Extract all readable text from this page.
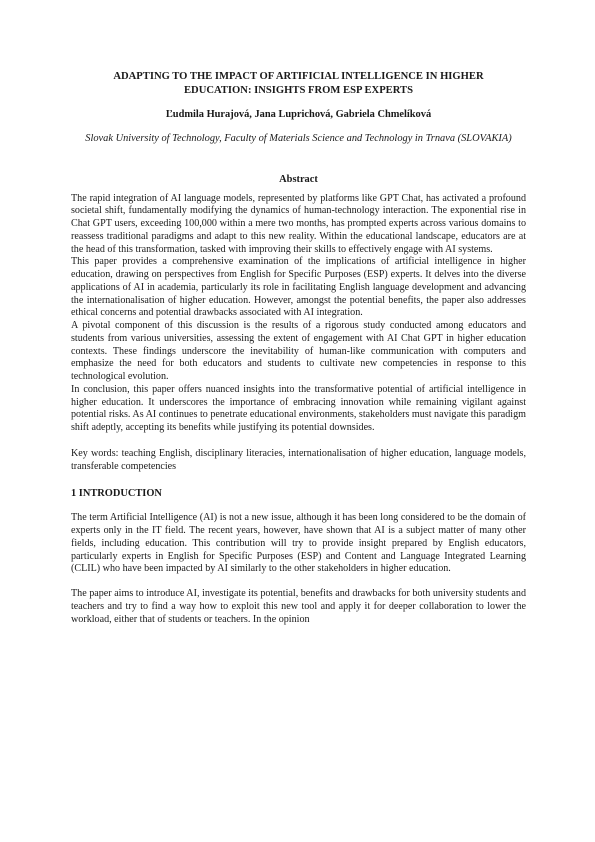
ADAPTING TO THE IMPACT OF ARTIFICIAL INTELLIGENCE IN HIGHER EDUCATION: INSIGHTS FROM ESP EXPERTS
Ľudmila Hurajová, Jana Luprichová, Gabriela Chmelíková
Slovak University of Technology, Faculty of Materials Science and Technology in Trnava (SLOVAKIA)
Abstract

The rapid integration of AI language models, represented by platforms like GPT Chat, has activated a profound societal shift, fundamentally modifying the dynamics of human-technology interaction. The exponential rise in Chat GPT users, exceeding 100,000 within a mere two months, has prompted experts across various domains to reassess traditional paradigms and adapt to this new reality. Within the educational landscape, educators are at the head of this transformation, tasked with improving their skills to effectively engage with AI systems.

This paper provides a comprehensive examination of the implications of artificial intelligence in higher education, drawing on perspectives from English for Specific Purposes (ESP) experts. It delves into the diverse applications of AI in academia, particularly its role in facilitating English language development and advancing the internationalisation of higher education. However, amongst the potential benefits, the paper also addresses ethical concerns and potential drawbacks associated with AI integration.

A pivotal component of this discussion is the results of a rigorous study conducted among educators and students from various universities, assessing the extent of engagement with AI Chat GPT in higher education contexts. These findings underscore the inevitability of human-like communication with computers and emphasize the need for both educators and students to cultivate new competencies in response to this technological evolution.

In conclusion, this paper offers nuanced insights into the transformative potential of artificial intelligence in higher education. It underscores the importance of embracing innovation while remaining vigilant against potential risks. As AI continues to penetrate educational environments, stakeholders must navigate this paradigm shift adeptly, accepting its benefits while justifying its potential downsides.

Key words: teaching English, disciplinary literacies, internationalisation of higher education, language models, transferable competencies
1 INTRODUCTION
The term Artificial Intelligence (AI) is not a new issue, although it has been long considered to be the domain of experts only in the IT field. The recent years, however, have shown that AI is a subject matter of many other fields, including education. This contribution will try to provide insight prepared by English educators, particularly experts in English for Specific Purposes (ESP) and Content and Language Integrated Learning (CLIL) who have been impacted by AI similarly to the other stakeholders in higher education.
The paper aims to introduce AI, investigate its potential, benefits and drawbacks for both university students and teachers and try to find a way how to exploit this new tool and apply it for deeper collaboration to lower the workload, either that of students or teachers. In the opinion
